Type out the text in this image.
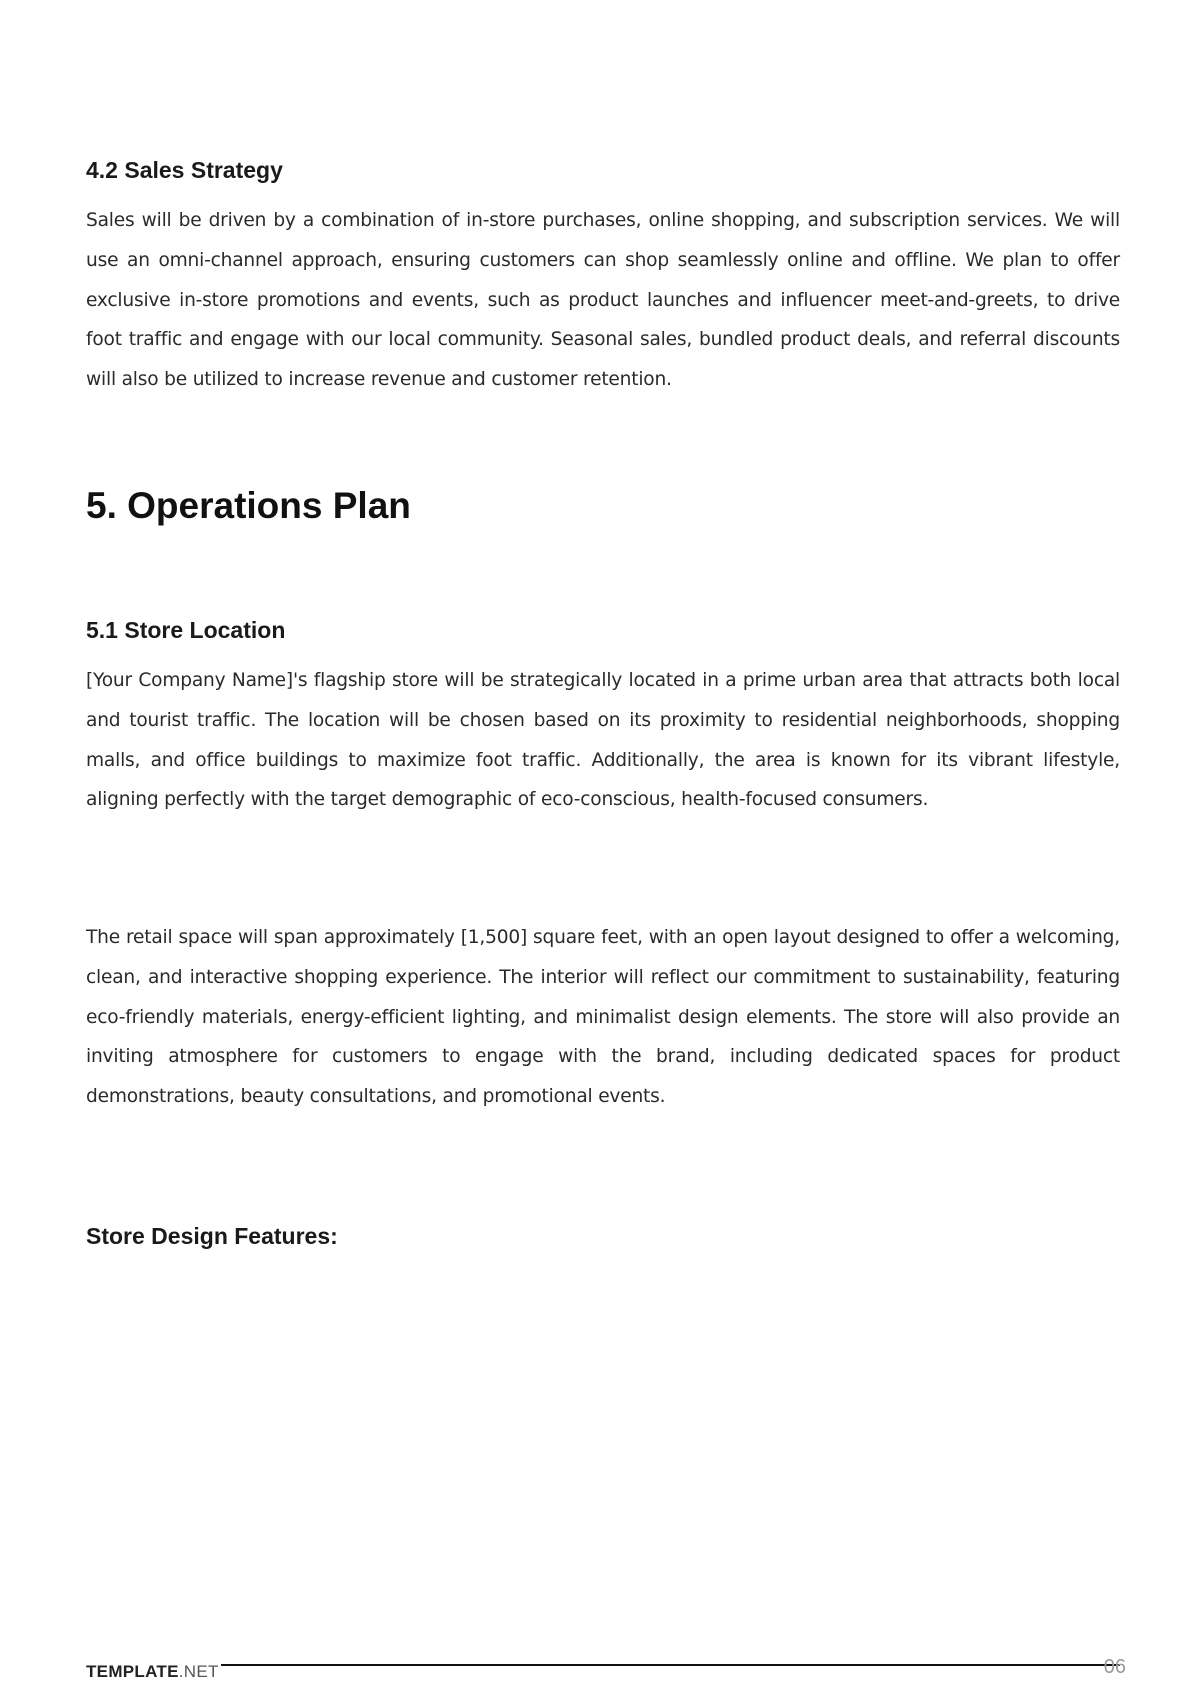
4.2 Sales Strategy

Sales will be driven by a combination of in-store purchases, online shopping, and subscription services. We will use an omni-channel approach, ensuring customers can shop seamlessly online and offline. We plan to offer exclusive in-store promotions and events, such as product launches and influencer meet-and-greets, to drive foot traffic and engage with our local community. Seasonal sales, bundled product deals, and referral discounts will also be utilized to increase revenue and customer retention.

5. Operations Plan
5.1 Store Location

[Your Company Name]'s flagship store will be strategically located in a prime urban area that attracts both local and tourist traffic. The location will be chosen based on its proximity to residential neighborhoods, shopping malls, and office buildings to maximize foot traffic. Additionally, the area is known for its vibrant lifestyle, aligning perfectly with the target demographic of eco-conscious, health-focused consumers.

The retail space will span approximately [1,500] square feet, with an open layout designed to offer a welcoming, clean, and interactive shopping experience. The interior will reflect our commitment to sustainability, featuring eco-friendly materials, energy-efficient lighting, and minimalist design elements. The store will also provide an inviting atmosphere for customers to engage with the brand, including dedicated spaces for product demonstrations, beauty consultations, and promotional events.

Store Design Features:
TEMPLATE.NET	06
